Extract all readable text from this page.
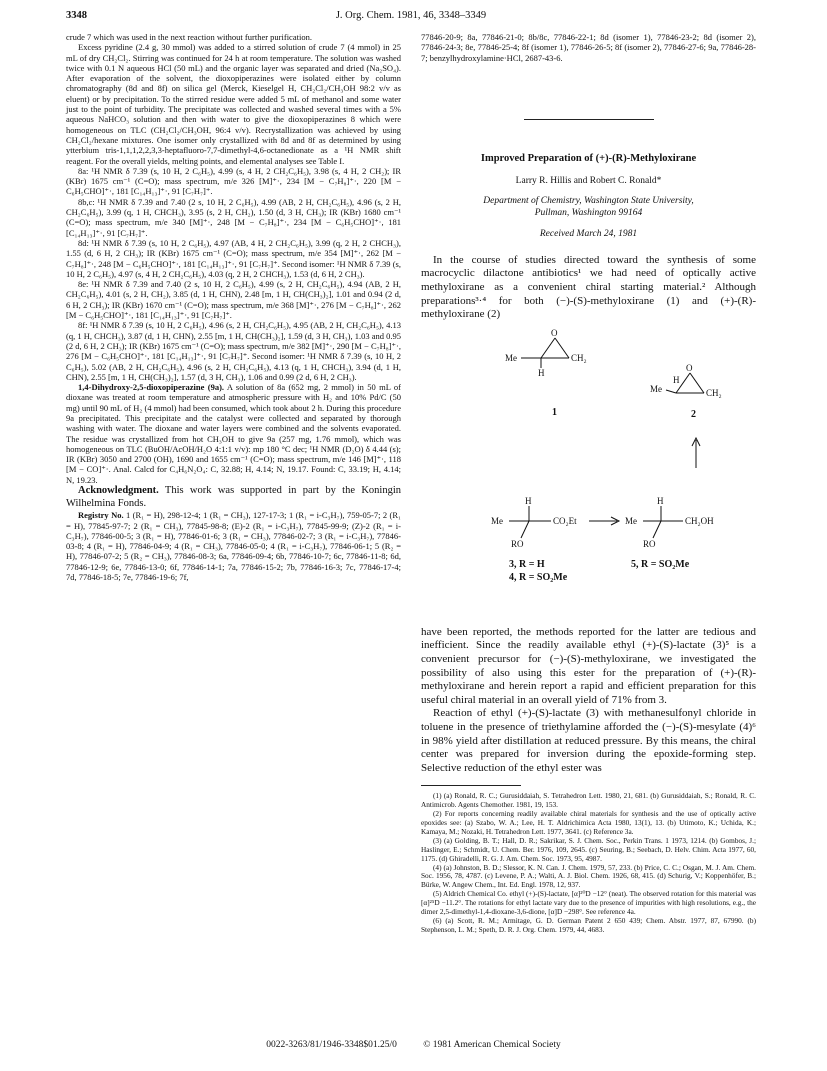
3348	J. Org. Chem. 1981, 46, 3348–3349

crude 7 which was used in the next reaction without further purification.

Excess pyridine (2.4 g, 30 mmol) was added to a stirred solution of crude 7 (4 mmol) in 25 mL of dry CH₂Cl₂. Stirring was continued for 24 h at room temperature. The solution was washed twice with 0.1 N aqueous HCl (50 mL) and the organic layer was separated and dried (Na₂SO₄). After evaporation of the solvent, the dioxopiperazines were isolated either by column chromatography (8d and 8f) on silica gel (Merck, Kieselgel H, CH₂Cl₂/CH₃OH 98:2 v/v as eluent) or by precipitation. To the stirred residue were added 5 mL of methanol and some water just to the point of turbidity. The precipitate was collected and washed several times with a 5% aqueous NaHCO₃ solution and then with water to give the dioxopiperazines 8 which were homogeneous on TLC (CH₂Cl₂/CH₃OH, 96:4 v/v). Recrystallization was achieved by using CH₂Cl₂/hexane mixtures. One isomer only crystallized with 8d and 8f as determined by using ytterbium tris-1,1,1,2,2,3,3-heptafluoro-7,7-dimethyl-4,6-octanedionate as a ¹H NMR shift reagent. For the overall yields, melting points, and elemental analyses see Table I.

8a: ¹H NMR δ 7.39 (s, 10 H, 2 C₆H₅), 4.99 (s, 4 H, 2 CH₂C₆H₅), 3.98 (s, 4 H, 2 CH₂); IR (KBr) 1675 cm⁻¹ (C=O); mass spectrum, m/e 326 [M]⁺·, 234 [M − C₇H₈]⁺·, 220 [M − C₆H₅CHO]⁺·, 181 [C₁₄H₁₃]⁺·, 91 [C₇H₇]⁺.

8b,c: ¹H NMR δ 7.39 and 7.40 (2 s, 10 H, 2 C₆H₅), 4.99 (AB, 2 H, CH₂C₆H₅), 4.96 (s, 2 H, CH₂C₆H₅), 3.99 (q, 1 H, CHCH₃), 3.95 (s, 2 H, CH₂), 1.50 (d, 3 H, CH₃); IR (KBr) 1680 cm⁻¹ (C=O); mass spectrum, m/e 340 [M]⁺·, 248 [M − C₇H₈]⁺·, 234 [M − C₆H₅CHO]⁺·, 181 [C₁₄H₁₃]⁺·, 91 [C₇H₇]⁺.

8d: ¹H NMR δ 7.39 (s, 10 H, 2 C₆H₅), 4.97 (AB, 4 H, 2 CH₂C₆H₅), 3.99 (q, 2 H, 2 CHCH₃), 1.55 (d, 6 H, 2 CH₃); IR (KBr) 1675 cm⁻¹ (C=O); mass spectrum, m/e 354 [M]⁺·, 262 [M − C₇H₈]⁺·, 248 [M − C₆H₅CHO]⁺·, 181 [C₁₄H₁₃]⁺·, 91 [C₇H₇]⁺. Second isomer: ¹H NMR δ 7.39 (s, 10 H, 2 C₆H₅), 4.97 (s, 4 H, 2 CH₂C₆H₅), 4.03 (q, 2 H, 2 CHCH₃), 1.53 (d, 6 H, 2 CH₃).

8e: ¹H NMR δ 7.39 and 7.40 (2 s, 10 H, 2 C₆H₅), 4.99 (s, 2 H, CH₂C₆H₅), 4.94 (AB, 2 H, CH₂C₆H₅), 4.01 (s, 2 H, CH₂), 3.85 (d, 1 H, CHN), 2.48 [m, 1 H, CH(CH₃)₂], 1.01 and 0.94 (2 d, 6 H, 2 CH₃); IR (KBr) 1670 cm⁻¹ (C=O); mass spectrum, m/e 368 [M]⁺·, 276 [M − C₇H₈]⁺·, 262 [M − C₆H₅CHO]⁺·, 181 [C₁₄H₁₃]⁺·, 91 [C₇H₇]⁺.

8f: ¹H NMR δ 7.39 (s, 10 H, 2 C₆H₅), 4.96 (s, 2 H, CH₂C₆H₅), 4.95 (AB, 2 H, CH₂C₆H₅), 4.13 (q, 1 H, CHCH₃), 3.87 (d, 1 H, CHN), 2.55 [m, 1 H, CH(CH₃)₂], 1.59 (d, 3 H, CH₃), 1.03 and 0.95 (2 d, 6 H, 2 CH₃); IR (KBr) 1675 cm⁻¹ (C=O); mass spectrum, m/e 382 [M]⁺·, 290 [M − C₇H₈]⁺·, 276 [M − C₆H₅CHO]⁺·, 181 [C₁₄H₁₃]⁺·, 91 [C₇H₇]⁺. Second isomer: ¹H NMR δ 7.39 (s, 10 H, 2 C₆H₅), 5.02 (AB, 2 H, CH₂C₆H₅), 4.96 (s, 2 H, CH₂C₆H₅), 4.13 (q, 1 H, CHCH₃), 3.94 (d, 1 H, CHN), 2.55 [m, 1 H, CH(CH₃)₂], 1.57 (d, 3 H, CH₃), 1.06 and 0.99 (2 d, 6 H, 2 CH₃).

1,4-Dihydroxy-2,5-dioxopiperazine (9a). A solution of 8a (652 mg, 2 mmol) in 50 mL of dioxane was treated at room temperature and atmospheric pressure with H₂ and 10% Pd/C (50 mg) until 90 mL of H₂ (4 mmol) had been consumed, which took about 2 h. During this procedure 9a precipitated. This precipitate and the catalyst were collected and separated by thorough washing with water. The dioxane and water layers were combined and the solvents evaporated. The residue was crystallized from hot CH₃OH to give 9a (257 mg, 1.76 mmol), which was homogeneous on TLC (BuOH/AcOH/H₂O 4:1:1 v/v): mp 180 °C dec; ¹H NMR (D₂O) δ 4.44 (s); IR (KBr) 3050 and 2700 (OH), 1690 and 1655 cm⁻¹ (C=O); mass spectrum, m/e 146 [M]⁺·, 118 [M − CO]⁺·. Anal. Calcd for C₄H₆N₂O₄: C, 32.88; H, 4.14; N, 19.17. Found: C, 33.19; H, 4.14; N, 19.23.

Acknowledgment. This work was supported in part by the Koningin Wilhelmina Fonds.

Registry No. 1 (R₁ = H), 298-12-4; 1 (R₁ = CH₃), 127-17-3; 1 (R₁ = i-C₃H₇), 759-05-7; 2 (R₁ = H), 77845-97-7; 2 (R₁ = CH₃), 77845-98-8; (E)-2 (R₁ = i-C₃H₇), 77845-99-9; (Z)-2 (R₁ = i-C₃H₇), 77846-00-5; 3 (R₁ = H), 77846-01-6; 3 (R₁ = CH₃), 77846-02-7; 3 (R₁ = i-C₃H₇), 77846-03-8; 4 (R₁ = H), 77846-04-9; 4 (R₁ = CH₃), 77846-05-0; 4 (R₁ = i-C₃H₇), 77846-06-1; 5 (R₂ = H), 77846-07-2; 5 (R₂ = CH₃), 77846-08-3; 6a, 77846-09-4; 6b, 77846-10-7; 6c, 77846-11-8; 6d, 77846-12-9; 6e, 77846-13-0; 6f, 77846-14-1; 7a, 77846-15-2; 7b, 77846-16-3; 7c, 77846-17-4; 7d, 77846-18-5; 7e, 77846-19-6; 7f,

77846-20-9; 8a, 77846-21-0; 8b/8c, 77846-22-1; 8d (isomer 1), 77846-23-2; 8d (isomer 2), 77846-24-3; 8e, 77846-25-4; 8f (isomer 1), 77846-26-5; 8f (isomer 2), 77846-27-6; 9a, 77846-28-7; benzylhydroxylamine·HCl, 2687-43-6.

Improved Preparation of (+)-(R)-Methyloxirane
Larry R. Hillis and Robert C. Ronald*
Department of Chemistry, Washington State University,
Pullman, Washington 99164
Received March 24, 1981

In the course of studies directed toward the synthesis of some macrocyclic dilactone antibiotics¹ we had need of optically active methyloxirane as a convenient chiral starting material.² Although preparations³·⁴ for both (−)-(S)-methyloxirane (1) and (+)-(R)-methyloxirane (2)

Me	CH₂
O
H
1
Me	CH₂
O
H
2
H
Me	CO₂Et
RO
3, R = H
4, R = SO₂Me
H
Me	CH₂OH
RO
5, R = SO₂Me

have been reported, the methods reported for the latter are tedious and inefficient. Since the readily available ethyl (+)-(S)-lactate (3)⁵ is a convenient precursor for (−)-(S)-methyloxirane, we investigated the possibility of also using this ester for the preparation of (+)-(R)-methyloxirane and herein report a rapid and efficient preparation for this useful chiral material in an overall yield of 71% from 3.

Reaction of ethyl (+)-(S)-lactate (3) with methanesulfonyl chloride in toluene in the presence of triethylamine afforded the (−)-(S)-mesylate (4)⁶ in 98% yield after distillation at reduced pressure. By this means, the chiral center was prepared for inversion during the epoxide-forming step. Selective reduction of the ethyl ester was

(1) (a) Ronald, R. C.; Gurusiddaiah, S. Tetrahedron Lett. 1980, 21, 681. (b) Gurusiddaiah, S.; Ronald, R. C. Antimicrob. Agents Chemother. 1981, 19, 153.

(2) For reports concerning readily available chiral materials for synthesis and the use of optically active epoxides see: (a) Szabo, W. A.; Lee, H. T. Aldrichimica Acta 1980, 13(1), 13. (b) Utimoto, K.; Uchida, K.; Kamaya, M.; Nozaki, H. Tetrahedron Lett. 1977, 3641. (c) Reference 3a.

(3) (a) Golding, B. T.; Hall, D. R.; Sakrikar, S. J. Chem. Soc., Perkin Trans. 1 1973, 1214. (b) Gombos, J.; Haslinger, E.; Schmidt, U. Chem. Ber. 1976, 109, 2645. (c) Seuring, B.; Seebach, D. Helv. Chim. Acta 1977, 60, 1175. (d) Ghiradelli, R. G. J. Am. Chem. Soc. 1973, 95, 4987.

(4) (a) Johnston, B. D.; Slessor, K. N. Can. J. Chem. 1979, 57, 233. (b) Price, C. C.; Osgan, M. J. Am. Chem. Soc. 1956, 78, 4787. (c) Levene, P. A.; Walti, A. J. Biol. Chem. 1926, 68, 415. (d) Schurig, V.; Koppenhöfer, B.; Bürke, W. Angew Chem., Int. Ed. Engl. 1978, 12, 937.

(5) Aldrich Chemical Co. ethyl (+)-(S)-lactate, [α]²⁰D −12° (neat). The observed rotation for this material was [α]²⁵D −11.2°. The rotations for ethyl lactate vary due to the presence of impurities with high resolutions, e.g., the dimer 2,5-dimethyl-1,4-dioxane-3,6-dione, [α]D −298°. See reference 4a.

(6) (a) Scott, R. M.; Armitage, G. D. German Patent 2 650 439; Chem. Abstr. 1977, 87, 67990. (b) Stephenson, L. M.; Speth, D. R. J. Org. Chem. 1979, 44, 4683.

0022-3263/81/1946-3348$01.25/0	© 1981 American Chemical Society
